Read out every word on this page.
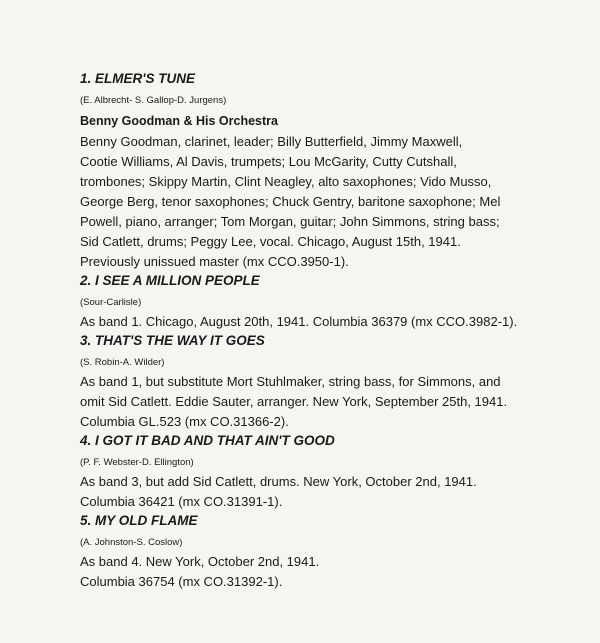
1. ELMER'S TUNE
(E. Albrecht- S. Gallop-D. Jurgens)
Benny Goodman & His Orchestra
Benny Goodman, clarinet, leader; Billy Butterfield, Jimmy Maxwell,
Cootie Williams, Al Davis, trumpets; Lou McGarity, Cutty Cutshall,
trombones; Skippy Martin, Clint Neagley, alto saxophones; Vido Musso,
George Berg, tenor saxophones; Chuck Gentry, baritone saxophone; Mel
Powell, piano, arranger; Tom Morgan, guitar; John Simmons, string bass;
Sid Catlett, drums; Peggy Lee, vocal. Chicago, August 15th, 1941.
Previously unissued master (mx CCO.3950-1).
2. I SEE A MILLION PEOPLE
(Sour-Carlisle)
As band 1. Chicago, August 20th, 1941. Columbia 36379 (mx CCO.3982-1).
3. THAT'S THE WAY IT GOES
(S. Robin-A. Wilder)
As band 1, but substitute Mort Stuhlmaker, string bass, for Simmons, and
omit Sid Catlett. Eddie Sauter, arranger. New York, September 25th, 1941.
Columbia GL.523 (mx CO.31366-2).
4. I GOT IT BAD AND THAT AIN'T GOOD
(P. F. Webster-D. Ellington)
As band 3, but add Sid Catlett, drums. New York, October 2nd, 1941.
Columbia 36421 (mx CO.31391-1).
5. MY OLD FLAME
(A. Johnston-S. Coslow)
As band 4. New York, October 2nd, 1941.
Columbia 36754 (mx CO.31392-1).
